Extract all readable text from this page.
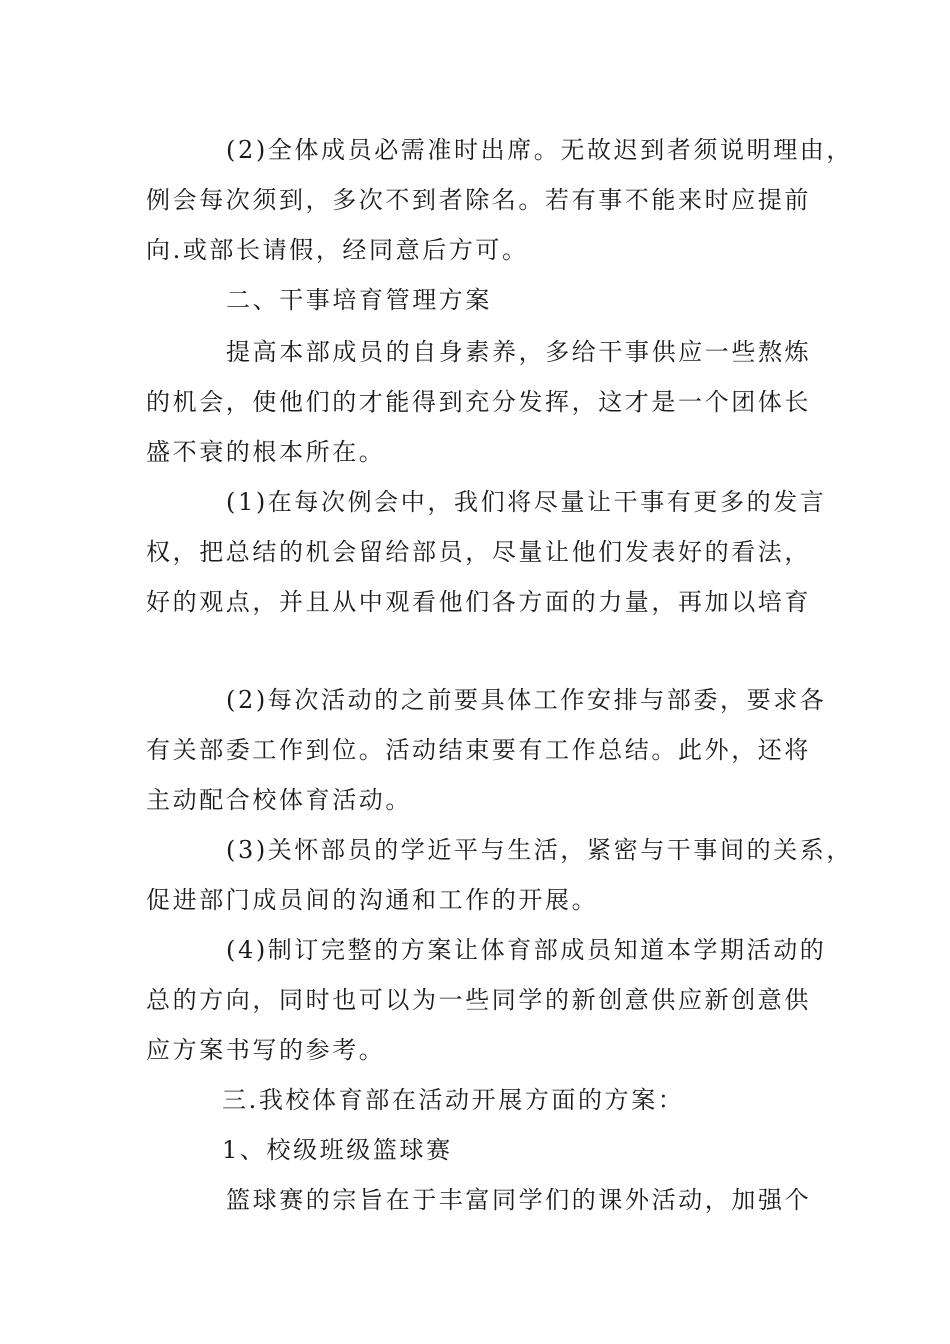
(2)全体成员必需准时出席。无故迟到者须说明理由，
例会每次须到，多次不到者除名。若有事不能来时应提前
向.或部长请假，经同意后方可。
二、干事培育管理方案
提高本部成员的自身素养，多给干事供应一些熬炼
的机会，使他们的才能得到充分发挥，这才是一个团体长
盛不衰的根本所在。
(1)在每次例会中，我们将尽量让干事有更多的发言
权，把总结的机会留给部员，尽量让他们发表好的看法，
好的观点，并且从中观看他们各方面的力量，再加以培育
(2)每次活动的之前要具体工作安排与部委，要求各
有关部委工作到位。活动结束要有工作总结。此外，还将
主动配合校体育活动。
(3)关怀部员的学近平与生活，紧密与干事间的关系，
促进部门成员间的沟通和工作的开展。
(4)制订完整的方案让体育部成员知道本学期活动的
总的方向，同时也可以为一些同学的新创意供应新创意供
应方案书写的参考。
三.我校体育部在活动开展方面的方案：
1、校级班级篮球赛
篮球赛的宗旨在于丰富同学们的课外活动，加强个
